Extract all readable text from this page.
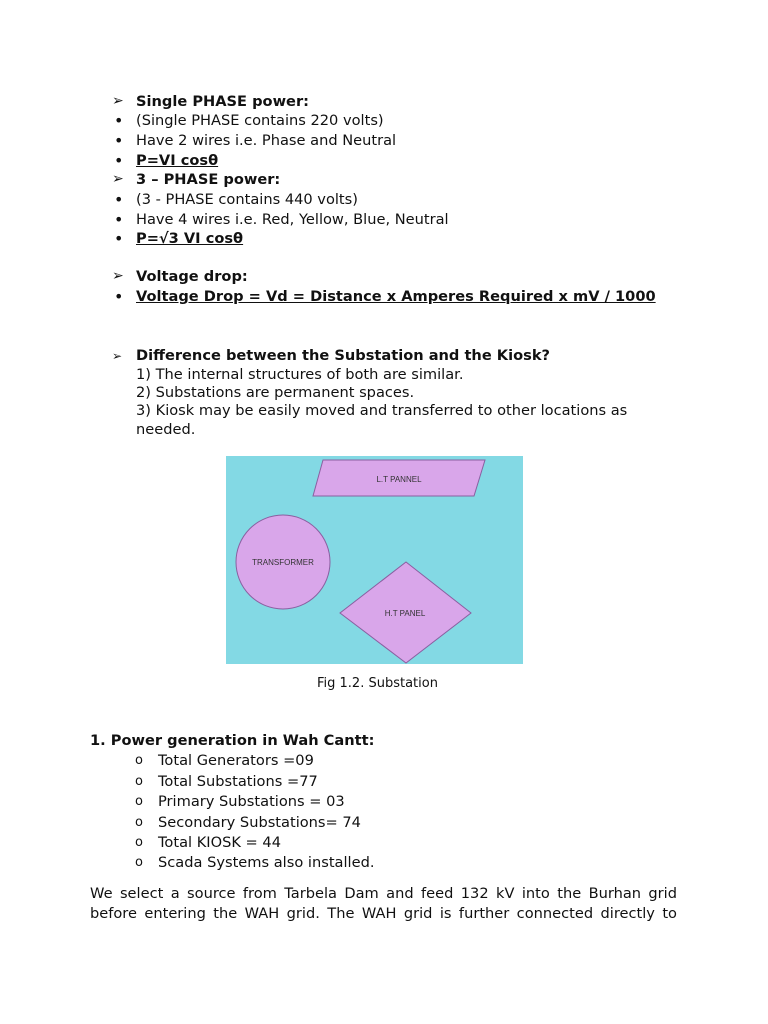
➢ Single PHASE power:
• (Single PHASE contains 220 volts)
• Have 2 wires i.e. Phase and Neutral
• P=VI cosθ
➢ 3 – PHASE power:
• (3 - PHASE contains 440 volts)
• Have 4 wires i.e. Red, Yellow, Blue, Neutral
• P=√3 VI cosθ
➢ Voltage drop:
• Voltage Drop = Vd = Distance x Amperes Required x mV / 1000
➢ Difference between the Substation and the Kiosk?
1) The internal structures of both are similar.
2) Substations are permanent spaces.
3) Kiosk may be easily moved and transferred to other locations as
needed.
L.T PANNEL
TRANSFORMER
H.T PANEL
Fig 1.2. Substation
1. Power generation in Wah Cantt:
o Total Generators =09
o Total Substations =77
o Primary Substations = 03
o Secondary Substations= 74
o Total KIOSK = 44
o Scada Systems also installed.
We select a source from Tarbela Dam and feed 132 kV into the Burhan grid
before entering the WAH grid. The WAH grid is further connected directly to
